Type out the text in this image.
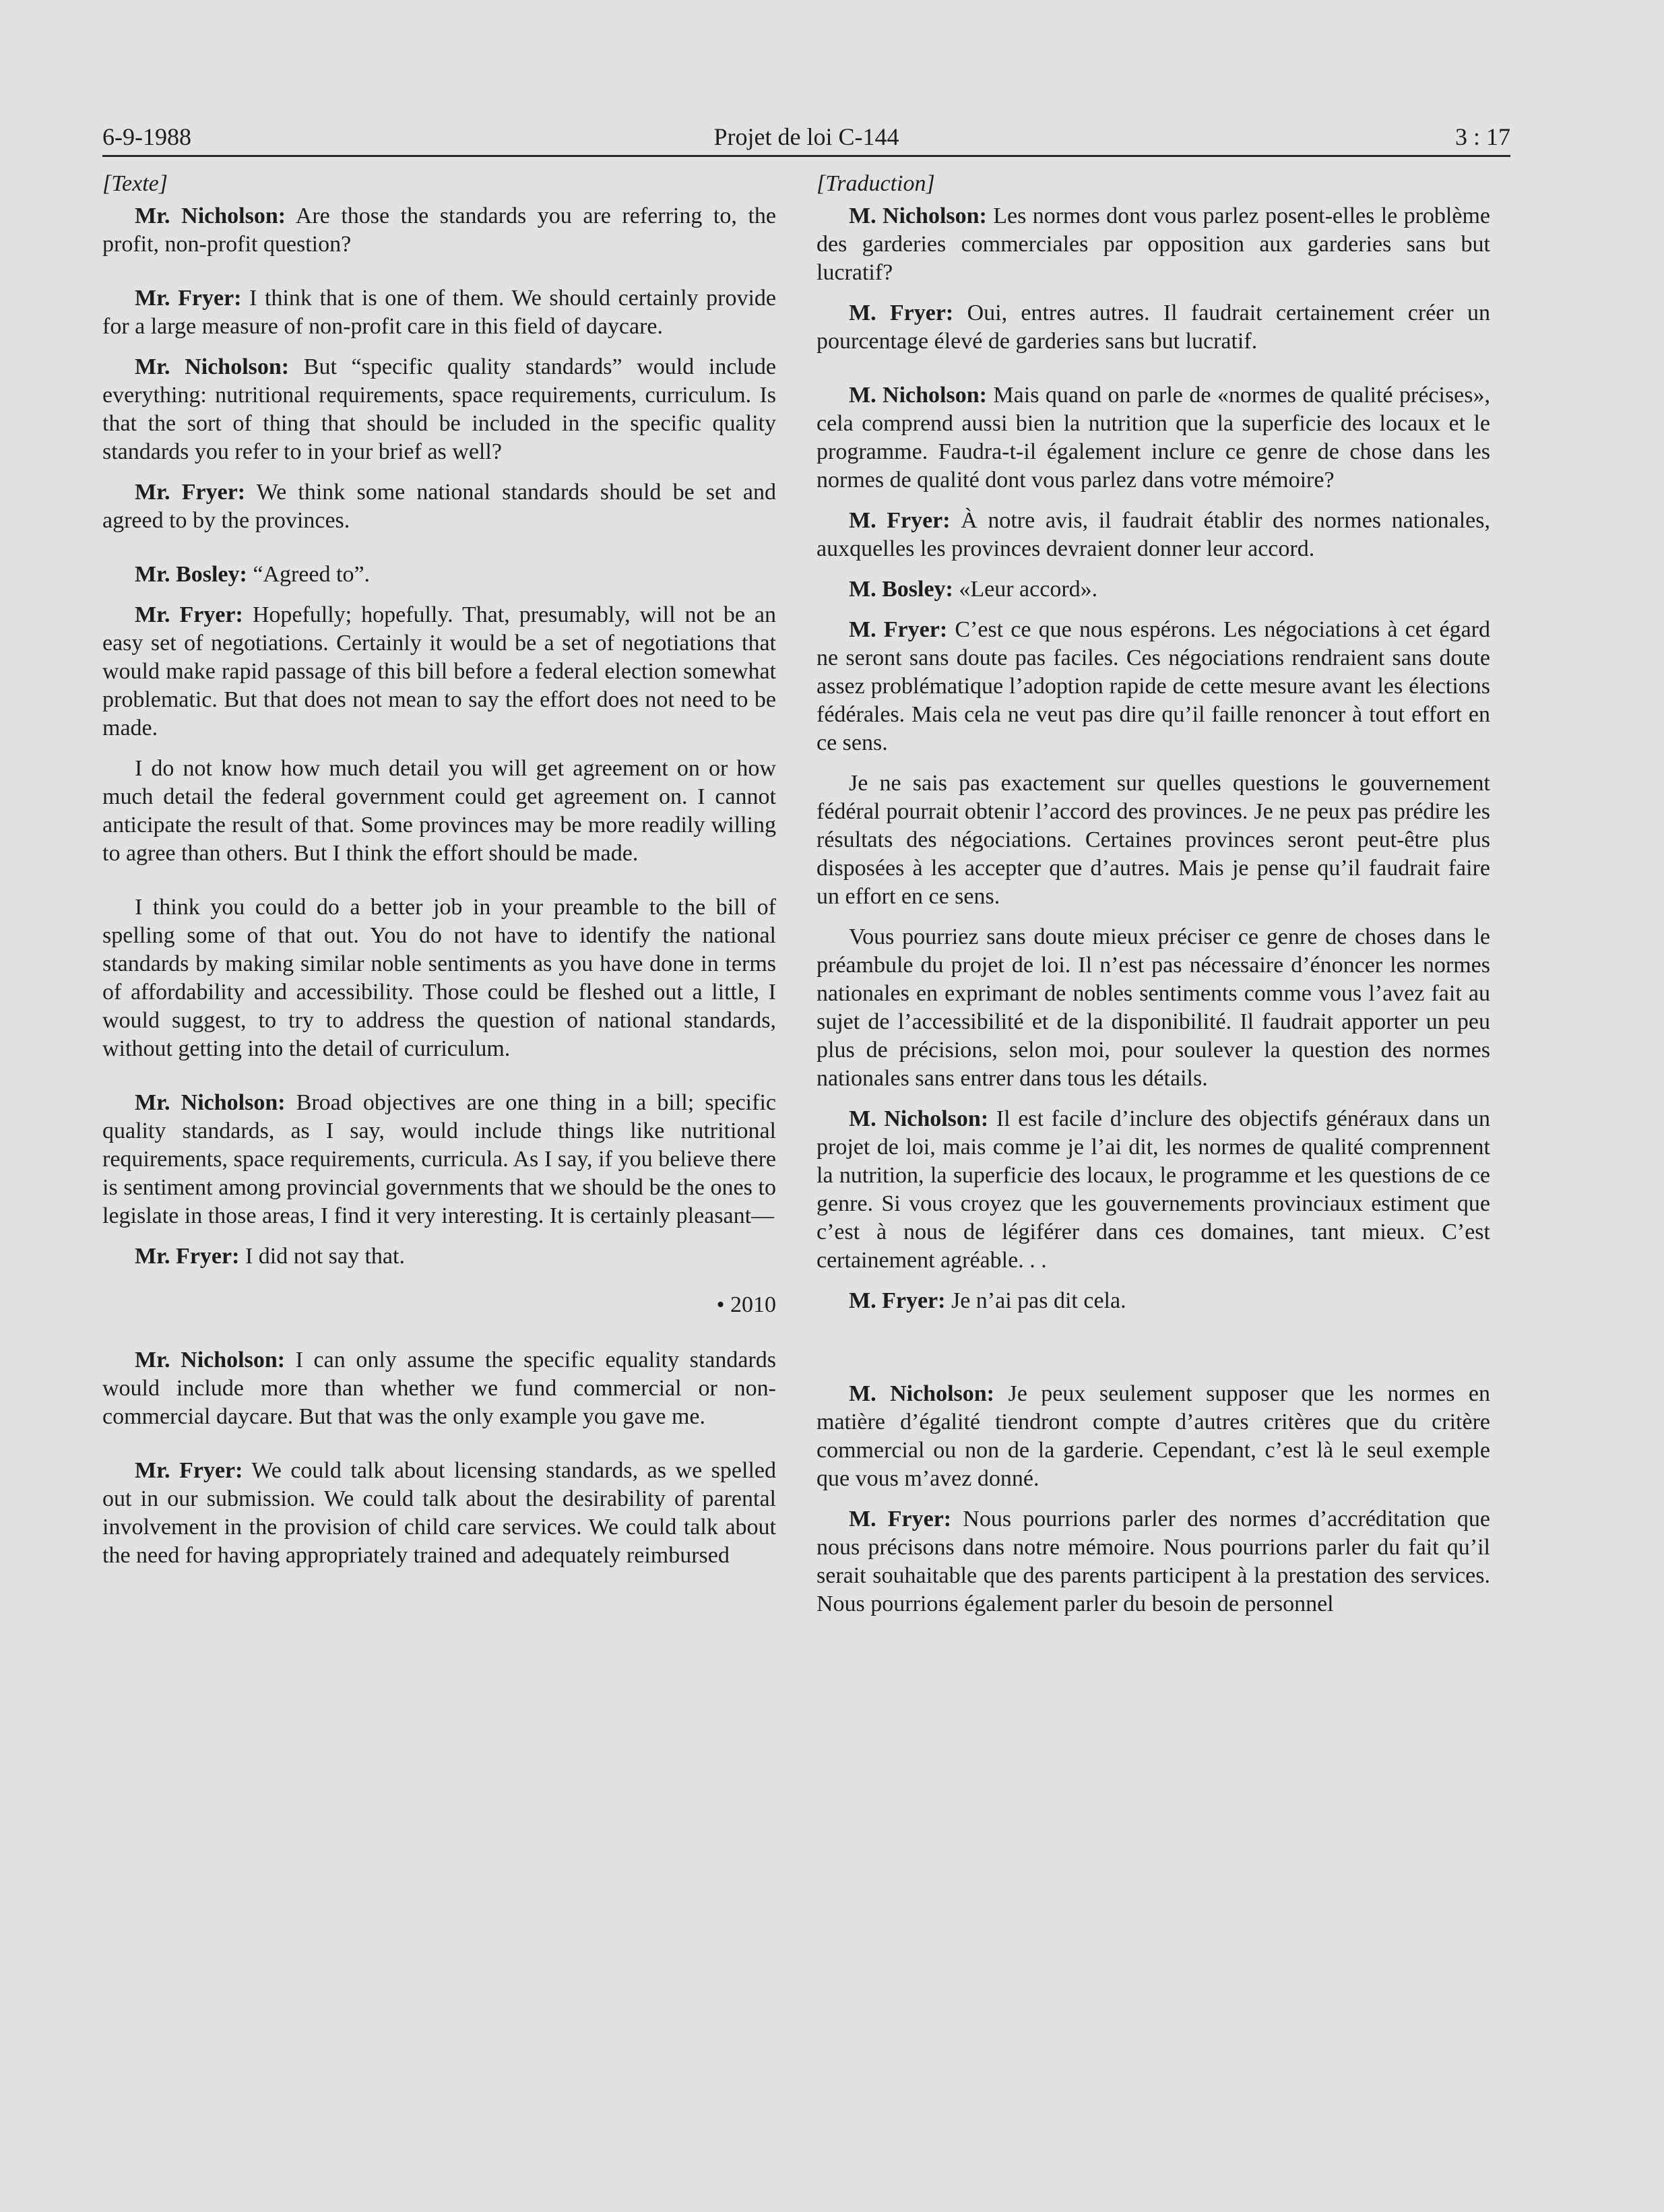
6-9-1988	Projet de loi C-144	3 : 17
[Texte]

Mr. Nicholson: Are those the standards you are referring to, the profit, non-profit question?

Mr. Fryer: I think that is one of them. We should certainly provide for a large measure of non-profit care in this field of daycare.

Mr. Nicholson: But “specific quality standards” would include everything: nutritional requirements, space requirements, curriculum. Is that the sort of thing that should be included in the specific quality standards you refer to in your brief as well?

Mr. Fryer: We think some national standards should be set and agreed to by the provinces.

Mr. Bosley: “Agreed to”.

Mr. Fryer: Hopefully; hopefully. That, presumably, will not be an easy set of negotiations. Certainly it would be a set of negotiations that would make rapid passage of this bill before a federal election somewhat problematic. But that does not mean to say the effort does not need to be made.

I do not know how much detail you will get agreement on or how much detail the federal government could get agreement on. I cannot anticipate the result of that. Some provinces may be more readily willing to agree than others. But I think the effort should be made.

I think you could do a better job in your preamble to the bill of spelling some of that out. You do not have to identify the national standards by making similar noble sentiments as you have done in terms of affordability and accessibility. Those could be fleshed out a little, I would suggest, to try to address the question of national standards, without getting into the detail of curriculum.

Mr. Nicholson: Broad objectives are one thing in a bill; specific quality standards, as I say, would include things like nutritional requirements, space requirements, curricula. As I say, if you believe there is sentiment among provincial governments that we should be the ones to legislate in those areas, I find it very interesting. It is certainly pleasant—

Mr. Fryer: I did not say that.

• 2010

Mr. Nicholson: I can only assume the specific equality standards would include more than whether we fund commercial or non-commercial daycare. But that was the only example you gave me.

Mr. Fryer: We could talk about licensing standards, as we spelled out in our submission. We could talk about the desirability of parental involvement in the provision of child care services. We could talk about the need for having appropriately trained and adequately reimbursed

[Traduction]

M. Nicholson: Les normes dont vous parlez posent-elles le problème des garderies commerciales par opposition aux garderies sans but lucratif?

M. Fryer: Oui, entres autres. Il faudrait certainement créer un pourcentage élevé de garderies sans but lucratif.

M. Nicholson: Mais quand on parle de «normes de qualité précises», cela comprend aussi bien la nutrition que la superficie des locaux et le programme. Faudra-t-il également inclure ce genre de chose dans les normes de qualité dont vous parlez dans votre mémoire?

M. Fryer: À notre avis, il faudrait établir des normes nationales, auxquelles les provinces devraient donner leur accord.

M. Bosley: «Leur accord».

M. Fryer: C’est ce que nous espérons. Les négociations à cet égard ne seront sans doute pas faciles. Ces négociations rendraient sans doute assez problématique l’adoption rapide de cette mesure avant les élections fédérales. Mais cela ne veut pas dire qu’il faille renoncer à tout effort en ce sens.

Je ne sais pas exactement sur quelles questions le gouvernement fédéral pourrait obtenir l’accord des provinces. Je ne peux pas prédire les résultats des négociations. Certaines provinces seront peut-être plus disposées à les accepter que d’autres. Mais je pense qu’il faudrait faire un effort en ce sens.

Vous pourriez sans doute mieux préciser ce genre de choses dans le préambule du projet de loi. Il n’est pas nécessaire d’énoncer les normes nationales en exprimant de nobles sentiments comme vous l’avez fait au sujet de l’accessibilité et de la disponibilité. Il faudrait apporter un peu plus de précisions, selon moi, pour soulever la question des normes nationales sans entrer dans tous les détails.

M. Nicholson: Il est facile d’inclure des objectifs généraux dans un projet de loi, mais comme je l’ai dit, les normes de qualité comprennent la nutrition, la superficie des locaux, le programme et les questions de ce genre. Si vous croyez que les gouvernements provinciaux estiment que c’est à nous de légiférer dans ces domaines, tant mieux. C’est certainement agréable. . .

M. Fryer: Je n’ai pas dit cela.

M. Nicholson: Je peux seulement supposer que les normes en matière d’égalité tiendront compte d’autres critères que du critère commercial ou non de la garderie. Cependant, c’est là le seul exemple que vous m’avez donné.

M. Fryer: Nous pourrions parler des normes d’accréditation que nous précisons dans notre mémoire. Nous pourrions parler du fait qu’il serait souhaitable que des parents participent à la prestation des services. Nous pourrions également parler du besoin de personnel
